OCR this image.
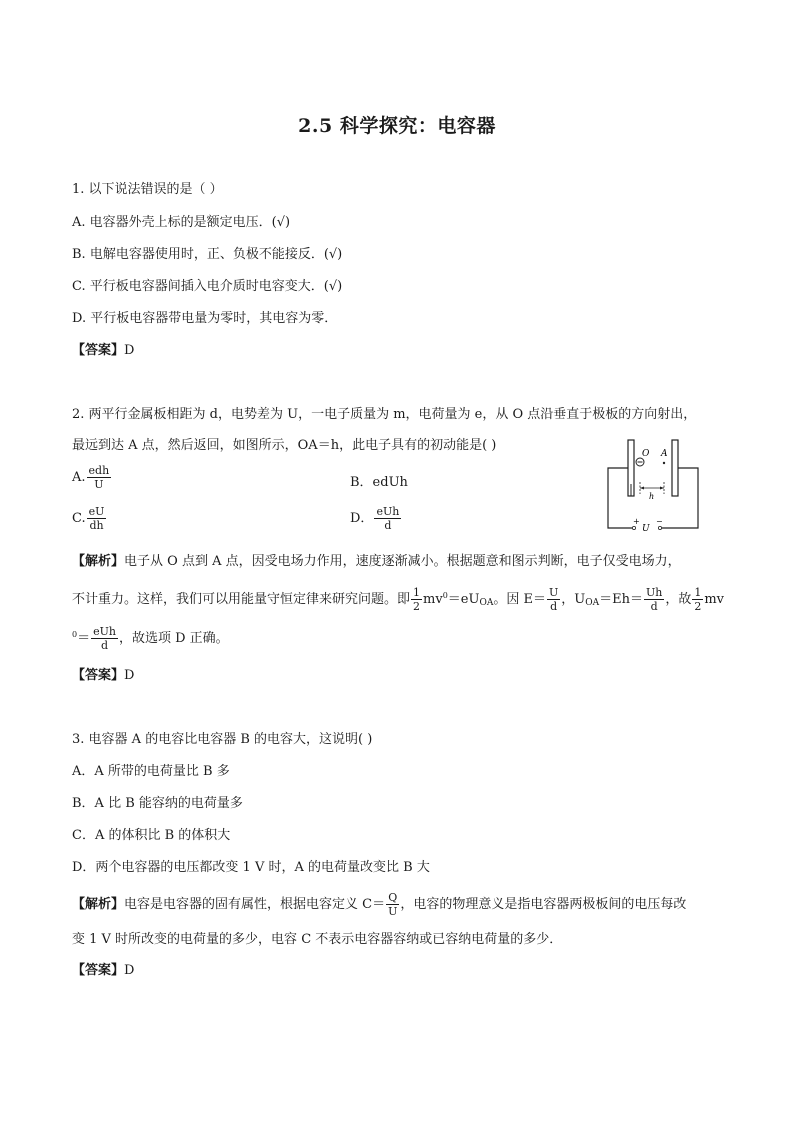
2.5 科学探究：电容器
1. 以下说法错误的是（ ）
A. 电容器外壳上标的是额定电压．(√)
B. 电解电容器使用时，正、负极不能接反．(√)
C. 平行板电容器间插入电介质时电容变大．(√)
D. 平行板电容器带电量为零时，其电容为零．
【答案】D
2. 两平行金属板相距为 d，电势差为 U，一电子质量为 m，电荷量为 e，从 O 点沿垂直于极板的方向射出，
最远到达 A 点，然后返回，如图所示，OA＝h，此电子具有的初动能是( )
A. $\frac{\text{edh}}{U}$	B．edUh
C. $\frac{eU}{dh}$	D． $\frac{\text{eUh}}{d}$
O A
h
+
U
−
【解析】电子从 O 点到 A 点，因受电场力作用，速度逐渐减小。根据题意和图示判断，电子仅受电场力，
不计重力。这样，我们可以用能量守恒定律来研究问题。即 $\frac{1}{2} mv^0=eU_{OA}$。因 $E= \frac{U}{d}$ ，$U_{OA}=Eh= \frac{Uh}{d}$ ，故 $\frac{1}{2}$ mv
$^0= \frac{\text{eUh}}{d}$ ，故选项 D 正确。
【答案】D
3. 电容器 A 的电容比电容器 B 的电容大，这说明( )
A．A 所带的电荷量比 B 多
B．A 比 B 能容纳的电荷量多
C．A 的体积比 B 的体积大
D．两个电容器的电压都改变 1 V 时，A 的电荷量改变比 B 大
【解析】电容是电容器的固有属性，根据电容定义 $C= \frac{Q}{U}$ ，电容的物理意义是指电容器两极板间的电压每改
变 1 V 时所改变的电荷量的多少，电容 C 不表示电容器容纳或已容纳电荷量的多少．
【答案】D
